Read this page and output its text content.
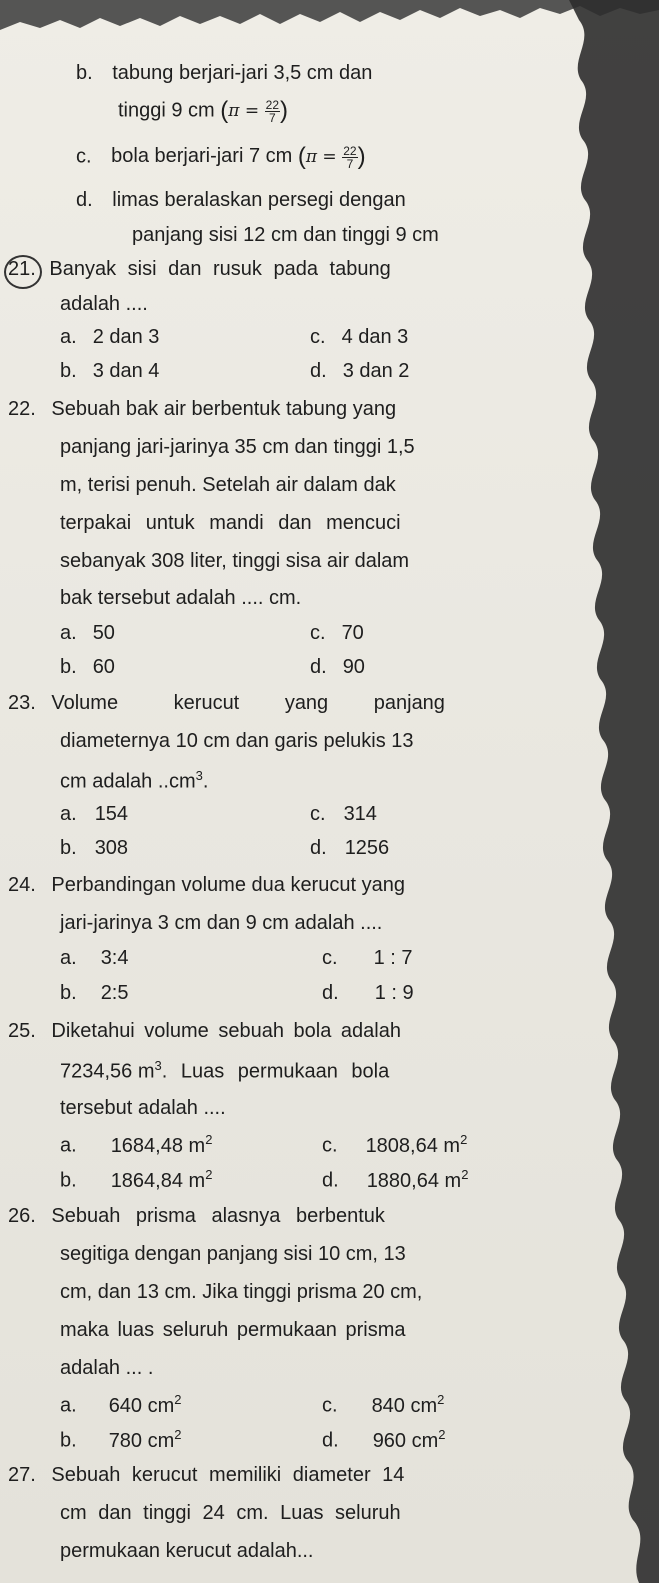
b. tabung berjari-jari 3,5 cm dan
tinggi 9 cm ($\pi = \frac{22}{7}$ )
c. bola berjari-jari 7 cm ($\pi = \frac{22}{7}$ )
d. limas beralaskan persegi dengan
panjang sisi 12 cm dan tinggi 9 cm
21. Banyak sisi dan rusuk pada tabung
adalah ....
a. 2 dan 3	c. 4 dan 3
b. 3 dan 4	d. 3 dan 2
22. Sebuah bak air berbentuk tabung yang
panjang jari-jarinya 35 cm dan tinggi 1,5
m, terisi penuh. Setelah air dalam dak
terpakai untuk mandi dan mencuci
sebanyak 308 liter, tinggi sisa air dalam
bak tersebut adalah .... cm.
a. 50	c. 70
b. 60	d. 90
23. Volume	kerucut yang panjang
diameternya 10 cm dan garis pelukis 13
cm adalah $..cm^3$.
a. 154	c. 314
b. 308	d. 1256
24. Perbandingan volume dua kerucut yang
jari-jarinya 3 cm dan 9 cm adalah ....
a. 3:4	c. 1 : 7
b. 2:5	d. 1 : 9
25. Diketahui volume sebuah bola adalah
7234,56 $m^3$. Luas permukaan bola
tersebut adalah ....
a. 1684,48 $m^2$	c. 1808,64 $m^2$
b. 1864,84 $m^2$	d. 1880,64 $m^2$
26. Sebuah prisma alasnya berbentuk
segitiga dengan panjang sisi 10 cm, 13
cm, dan 13 cm. Jika tinggi prisma 20 cm,
maka luas seluruh permukaan prisma
adalah ... .
a. 640 $cm^2$	c. 840 $cm^2$
b. 780 $cm^2$	d. 960 $cm^2$
27. Sebuah kerucut memiliki diameter 14
cm dan tinggi 24 cm. Luas seluruh
permukaan kerucut adalah...
